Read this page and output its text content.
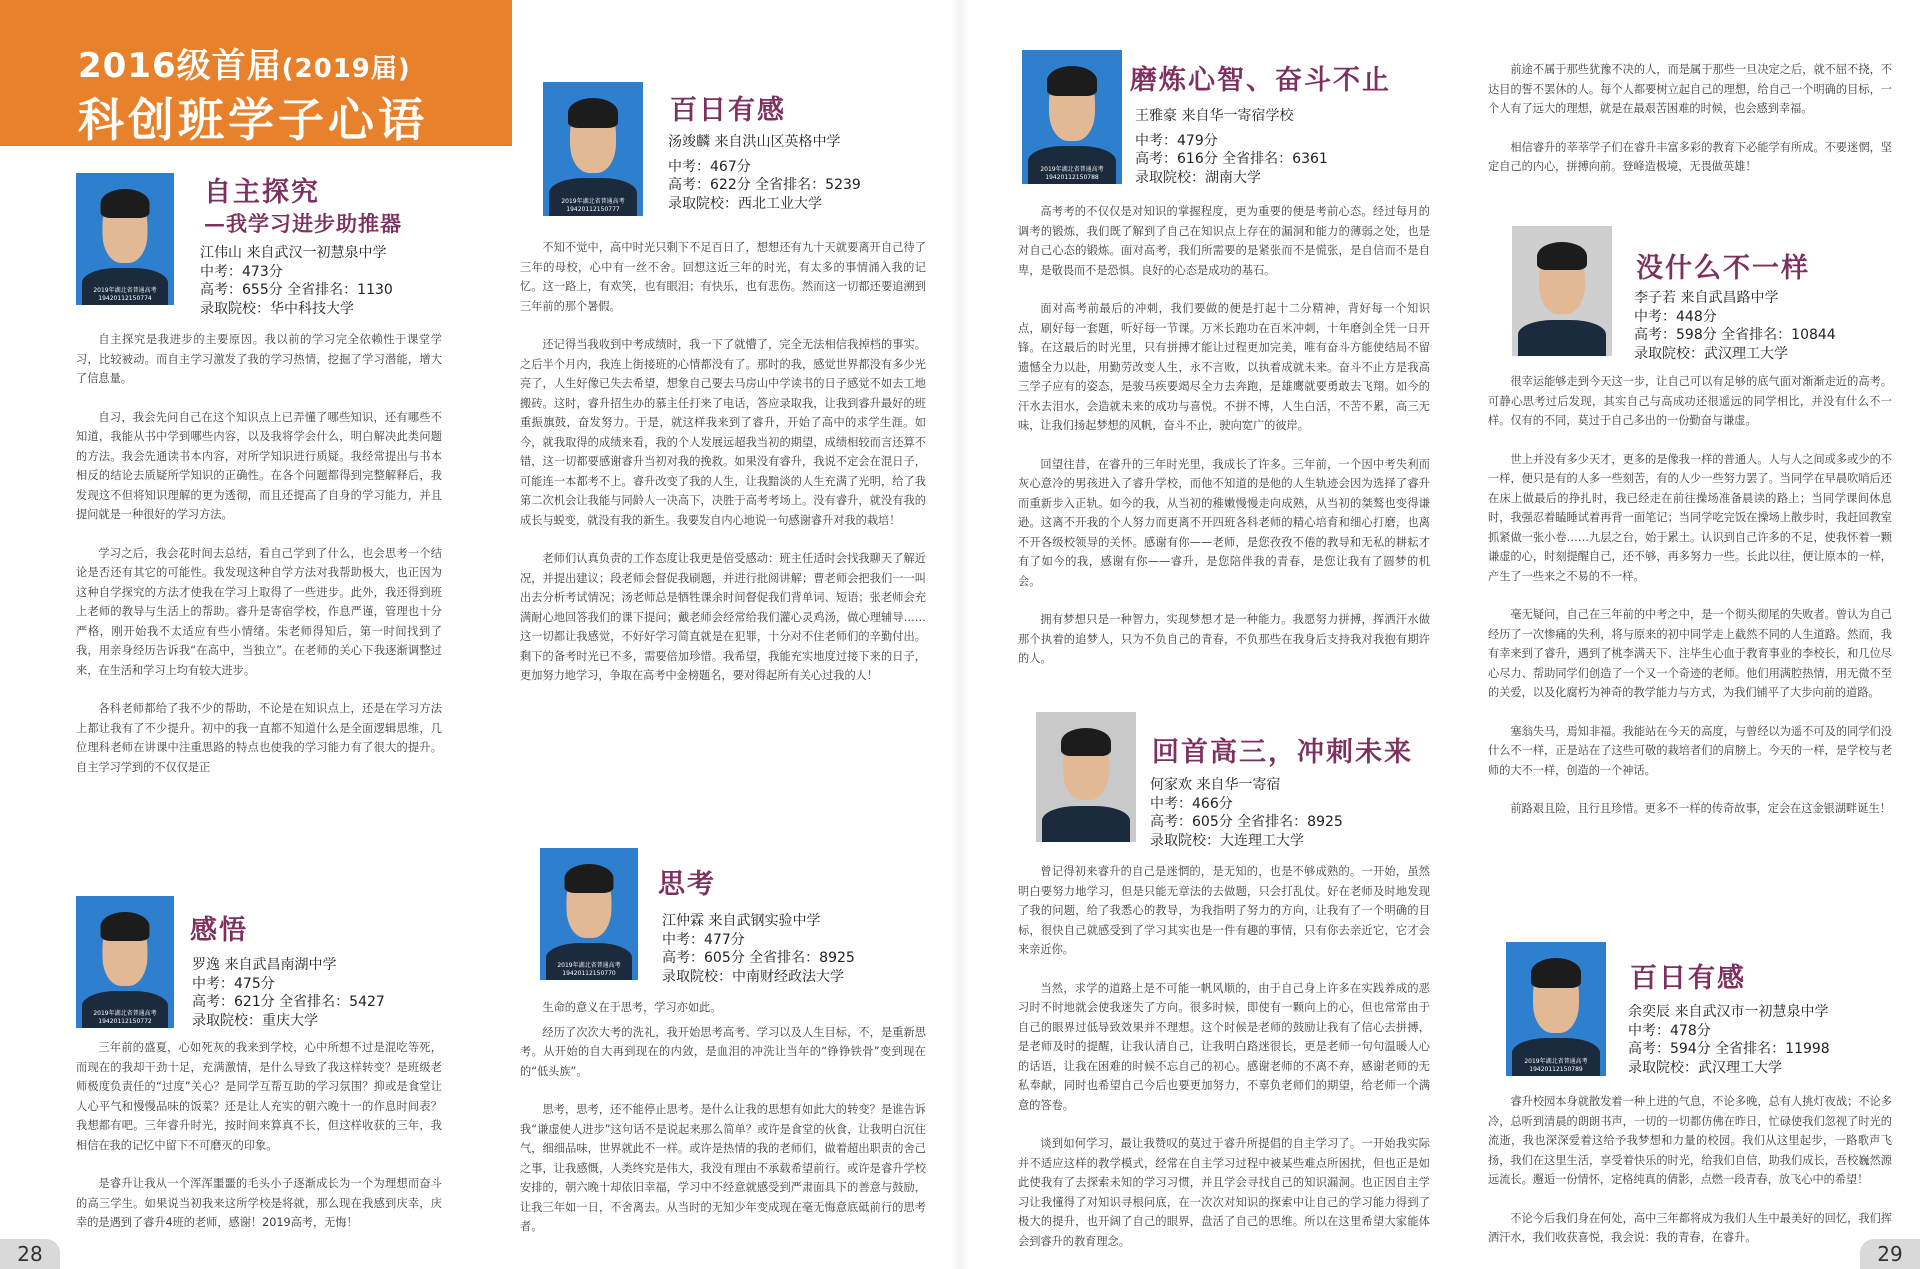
2016级首届(2019届)
科创班学子心语
2019年湖北省普通高考
19420112150774
自主探究
—我学习进步助推器
江伟山 来自武汉一初慧泉中学
中考：473分
高考：655分 全省排名：1130
录取院校：华中科技大学

自主探究是我进步的主要原因。我以前的学习完全依赖性于课堂学习，比较被动。而自主学习激发了我的学习热情，挖掘了学习潜能，增大了信息量。

自习，我会先问自己在这个知识点上已弄懂了哪些知识，还有哪些不知道，我能从书中学到哪些内容，以及我将学会什么，明白解决此类问题的方法。我会先通读书本内容，对所学知识进行质疑。我经常提出与书本相反的结论去质疑所学知识的正确性。在各个问题都得到完整解释后，我发现这不但将知识理解的更为透彻，而且还提高了自身的学习能力，并且提问就是一种很好的学习方法。

学习之后，我会花时间去总结，看自己学到了什么，也会思考一个结论是否还有其它的可能性。我发现这种自学方法对我帮助极大，也正因为这种自学探究的方法才使我在学习上取得了一些进步。此外，我还得到班上老师的教导与生活上的帮助。睿升是寄宿学校，作息严谨，管理也十分严格，刚开始我不太适应有些小情绪。朱老师得知后，第一时间找到了我，用亲身经历告诉我“在高中，当独立”。在老师的关心下我逐渐调整过来，在生活和学习上均有较大进步。

各科老师都给了我不少的帮助，不论是在知识点上，还是在学习方法上都让我有了不少提升。初中的我一直都不知道什么是全面逻辑思维，几位理科老师在讲课中注重思路的特点也使我的学习能力有了很大的提升。自主学习学到的不仅仅是正

2019年湖北省普通高考
19420112150772
感悟
罗逸 来自武昌南湖中学
中考：475分
高考：621分 全省排名：5427
录取院校：重庆大学

三年前的盛夏，心如死灰的我来到学校，心中所想不过是混吃等死，而现在的我却干劲十足，充满激情，是什么导致了我这样转变？是班级老师极度负责任的“过度”关心？是同学互帮互助的学习氛围？抑或是食堂让人心平气和慢慢品味的饭菜？还是让人充实的朝六晚十一的作息时间表？我想都有吧。三年睿升时光，按时间来算真不长，但这样收获的三年，我相信在我的记忆中留下不可磨灭的印象。

是睿升让我从一个浑浑噩噩的毛头小子逐渐成长为一个为理想而奋斗的高三学生。如果说当初我来这所学校是将就，那么现在我感到庆幸，庆幸的是遇到了睿升4班的老师，感谢！2019高考，无悔！

2019年湖北省普通高考
19420112150777
百日有感
汤竣麟 来自洪山区英格中学
中考：467分
高考：622分 全省排名：5239
录取院校：西北工业大学

不知不觉中，高中时光只剩下不足百日了，想想还有九十天就要离开自己待了三年的母校，心中有一丝不舍。回想这近三年的时光，有太多的事情涌入我的记忆。这一路上，有欢笑，也有眼泪；有快乐，也有悲伤。然而这一切都还要追溯到三年前的那个暑假。

还记得当我收到中考成绩时，我一下了就懵了，完全无法相信我掉档的事实。之后半个月内，我连上街接班的心情都没有了。那时的我，感觉世界都没有多少光亮了，人生好像已失去希望，想象自己要去马房山中学读书的日子感觉不如去工地搬砖。这时，睿升招生办的慕主任打来了电话，答应录取我，让我到睿升最好的班重振旗鼓，奋发努力。于是，就这样我来到了睿升，开始了高中的求学生涯。如今，就我取得的成绩来看，我的个人发展远超我当初的期望，成绩相较而言还算不错，这一切都要感谢睿升当初对我的挽救。如果没有睿升，我说不定会在混日子，可能连一本都考不上。睿升改变了我的人生，让我黯淡的人生充满了光明，给了我第二次机会让我能与同龄人一决高下，决胜于高考考场上。没有睿升，就没有我的成长与蜕变，就没有我的新生。我要发自内心地说一句感谢睿升对我的栽培！

老师们认真负责的工作态度让我更是倍受感动：班主任适时会找我聊天了解近况，并提出建议；段老师会督促我刷题，并进行批阅讲解；曹老师会把我们一一叫出去分析考试情况；汤老师总是牺牲课余时间督促我们背单词、短语；张老师会充满耐心地回答我们的课下提问；戴老师会经常给我们灌心灵鸡汤，做心理辅导……这一切都让我感觉，不好好学习简直就是在犯罪，十分对不住老师们的辛勤付出。剩下的备考时光已不多，需要倍加珍惜。我希望，我能充实地度过接下来的日子，更加努力地学习，争取在高考中金榜题名，要对得起所有关心过我的人！

2019年湖北省普通高考
19420112150770
思考
江仲霖 来自武钢实验中学
中考：477分
高考：605分 全省排名：8925
录取院校：中南财经政法大学

生命的意义在于思考，学习亦如此。

经历了次次大考的洗礼，我开始思考高考、学习以及人生目标，不，是重新思考。从开始的自大再到现在的内敛，是血泪的冲洗让当年的“铮铮铁骨”变到现在的“低头族”。

思考，思考，还不能停止思考。是什么让我的思想有如此大的转变？是谁告诉我“谦虚使人进步”这句话不是说起来那么简单？或许是食堂的伙食，让我明白沉住气，细细品味，世界就此不一样。或许是热情的我的老师们，做着超出职责的舍己之事，让我感慨，人类终究是伟大，我没有理由不承载希望前行。或许是睿升学校安排的，朝六晚十却依旧幸福，学习中不经意就感受到严肃面具下的善意与鼓励，让我三年如一日，不舍离去。从当时的无知少年变成现在毫无悔意底砥前行的思考者。

2019年湖北省普通高考
19420112150788
磨炼心智、奋斗不止
王雅豪 来自华一寄宿学校
中考：479分
高考：616分 全省排名：6361
录取院校：湖南大学

高考考的不仅仅是对知识的掌握程度，更为重要的便是考前心态。经过每月的调考的锻炼，我们既了解到了自己在知识点上存在的漏洞和能力的薄弱之处，也是对自己心态的锻炼。面对高考，我们所需要的是紧张而不是慌张，是自信而不是自卑，是敬畏而不是恐惧。良好的心态是成功的基石。

面对高考前最后的冲刺，我们要做的便是打起十二分精神，背好每一个知识点，刷好每一套题，听好每一节课。万米长跑功在百米冲刺，十年磨剑全凭一日开锋。在这最后的时光里，只有拼搏才能让过程更加完美，唯有奋斗方能使结局不留遗憾全力以赴，用勤劳改变人生，永不言败，以执着成就未来。奋斗不止方是我高三学子应有的姿态，是骏马疾要竭尽全力去奔跑，是雄鹰就要勇敢去飞翔。如今的汗水去泪水，会造就未来的成功与喜悦。不拼不博，人生白活，不苦不累，高三无味，让我们扬起梦想的风帆，奋斗不止，驶向宽广的彼岸。

回望往昔，在睿升的三年时光里，我成长了许多。三年前，一个因中考失利而灰心意冷的男孩进入了睿升学校，而他不知道的是他的人生轨迹会因为选择了睿升而重新步入正轨。如今的我，从当初的稚嫩慢慢走向成熟，从当初的桀骜也变得谦逊。这离不开我的个人努力而更离不开四班各科老师的精心培育和细心打磨，也离不开各级校领导的关怀。感谢有你——老师，是您孜孜不倦的教导和无私的耕耘才有了如今的我，感谢有你——睿升，是您陪伴我的青春，是您让我有了圆梦的机会。

拥有梦想只是一种智力，实现梦想才是一种能力。我愿努力拼搏，挥洒汗水做那个执着的追梦人，只为不负自己的青春，不负那些在我身后支持我对我抱有期许的人。

回首高三，冲刺未来
何家欢 来自华一寄宿
中考：466分
高考：605分 全省排名：8925
录取院校：大连理工大学

曾记得初来睿升的自己是迷惘的，是无知的，也是不够成熟的。一开始，虽然明白要努力地学习，但是只能无章法的去做题，只会打乱仗。好在老师及时地发现了我的问题，给了我悉心的教导，为我指明了努力的方向，让我有了一个明确的目标，很快自己就感受到了学习其实也是一件有趣的事情，只有你去亲近它，它才会来亲近你。

当然，求学的道路上是不可能一帆风顺的，由于自己身上许多在实践养成的恶习时不时地就会使我迷失了方向。很多时候，即使有一颗向上的心，但也常常由于自己的眼界过低导致效果并不理想。这个时候是老师的鼓励让我有了信心去拼搏，是老师及时的提醒，让我认清自己，让我明白路迷很长，更是老师一句句温暖人心的话语，让我在困难的时候不忘自己的初心。感谢老师的不离不弃，感谢老师的无私奉献，同时也希望自己今后也要更加努力，不辜负老师们的期望，给老师一个满意的答卷。

谈到如何学习，最让我赞叹的莫过于睿升所提倡的自主学习了。一开始我实际并不适应这样的教学模式，经常在自主学习过程中被某些难点所困扰，但也正是如此使我有了去探索未知的学习习惯，并且学会寻找自己的知识漏洞。也正因自主学习让我懂得了对知识寻根问底，在一次次对知识的探索中让自己的学习能力得到了极大的提升，也开阔了自己的眼界，盘活了自己的思维。所以在这里希望大家能体会到睿升的教育理念。

前途不属于那些犹豫不决的人，而是属于那些一旦决定之后，就不屈不挠，不达目的誓不罢休的人。每个人都要树立起自己的理想，给自己一个明确的目标，一个人有了远大的理想，就是在最艰苦困难的时候，也会感到幸福。

相信睿升的莘莘学子们在睿升丰富多彩的教育下必能学有所成。不要迷惘，坚定自己的内心，拼搏向前。登峰造极境，无畏做英雄！

没什么不一样
李子若 来自武昌路中学
中考：448分
高考：598分 全省排名：10844
录取院校：武汉理工大学

很幸运能够走到今天这一步，让自己可以有足够的底气面对渐渐走近的高考。可静心思考过后发现，其实自己与高成功还很遥远的同学相比，并没有什么不一样。仅有的不同，莫过于自己多出的一份勤奋与谦虚。

世上并没有多少天才，更多的是像我一样的普通人。人与人之间或多或少的不一样，便只是有的人多一些刻苦，有的人少一些努力罢了。当同学在早晨吹哨后还在床上做最后的挣扎时，我已经走在前往操场准备晨读的路上；当同学课间休息时，我强忍着瞌睡试着再背一面笔记；当同学吃完饭在操场上散步时，我赶回教室抓紧做一张小卷……九层之台，始于累土。认识到自己许多的不足，使我怀着一颗谦虚的心，时刻提醒自己，还不够，再多努力一些。长此以往，便让原本的一样，产生了一些来之不易的不一样。

毫无疑问，自己在三年前的中考之中，是一个彻头彻尾的失败者。曾认为自己经历了一次惨痛的失利，将与原来的初中同学走上截然不同的人生道路。然而，我有幸来到了睿升，遇到了桃李满天下、注毕生心血于教育事业的李校长，和几位尽心尽力、帮助同学们创造了一个又一个奇迹的老师。他们用满腔热情，用无微不至的关爱，以及化腐朽为神奇的教学能力与方式，为我们铺平了大步向前的道路。

塞翁失马，焉知非福。我能站在今天的高度，与曾经以为遥不可及的同学们没什么不一样，正是站在了这些可敬的栽培者们的肩膀上。今天的一样，是学校与老师的大不一样，创造的一个神话。

前路艰且险，且行且珍惜。更多不一样的传奇故事，定会在这金银湖畔诞生！

2019年湖北省普通高考
19420112150789
百日有感
余奕辰 来自武汉市一初慧泉中学
中考：478分
高考：594分 全省排名：11998
录取院校：武汉理工大学

睿升校园本身就散发着一种上进的气息，不论多晚，总有人挑灯夜战；不论多冷，总听到清晨的朗朗书声，一切的一切都仿佛在昨日，忙碌使我们忽视了时光的流逝，我也深深爱着这给予我梦想和力量的校园。我们从这里起步，一路歌声飞扬，我们在这里生活，享受着快乐的时光，给我们自信，助我们成长，吾校巍然源远流长。邂逅一份情怀，定格纯真的倩影，点燃一段青春，放飞心中的希望！

不论今后我们身在何处，高中三年都将成为我们人生中最美好的回忆，我们挥洒汗水，我们收获喜悦，我会说：我的青春，在睿升。

28	29
